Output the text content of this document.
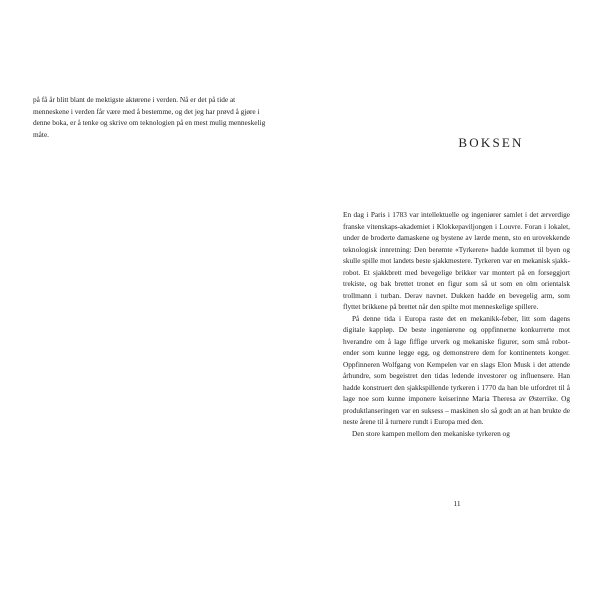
på få år blitt blant de mektigste aktørene i verden. Nå er det på tide at menneskene i verden får være med å bestemme, og det jeg har prøvd å gjøre i denne boka, er å tenke og skrive om teknologien på en mest mulig menneskelig måte.

BOKSEN

En dag i Paris i 1783 var intellektuelle og ingeniører samlet i det ærverdige franske vitenskaps-akademiet i Klokkepaviljongen i Louvre. Foran i lokalet, under de broderte damaskene og bystene av lærde menn, sto en urovekkende teknologisk innretning: Den berømte «Tyrkeren» hadde kommet til byen og skulle spille mot landets beste sjakkmestere. Tyrkeren var en mekanisk sjakk-robot. Et sjakkbrett med bevegelige brikker var montert på en forseggjort trekiste, og bak brettet tronet en figur som så ut som en olm orientalsk trollmann i turban. Derav navnet. Dukken hadde en bevegelig arm, som flyttet brikkene på brettet når den spilte mot menneskelige spillere.

På denne tida i Europa raste det en mekanikk-feber, litt som dagens digitale kappløp. De beste ingeniørene og oppfinnerne konkurrerte mot hverandre om å lage fiffige urverk og mekaniske figurer, som små robot-ender som kunne legge egg, og demonstrere dem for kontinentets konger. Oppfinneren Wolfgang von Kempelen var en slags Elon Musk i det attende århundre, som begeistret den tidas ledende investorer og influensere. Han hadde konstruert den sjakkspillende tyrkeren i 1770 da han ble utfordret til å lage noe som kunne imponere keiserinne Maria Theresa av Østerrike. Og produktlanseringen var en suksess – maskinen slo så godt an at han brukte de neste årene til å turnere rundt i Europa med den.

Den store kampen mellom den mekaniske tyrkeren og

11
